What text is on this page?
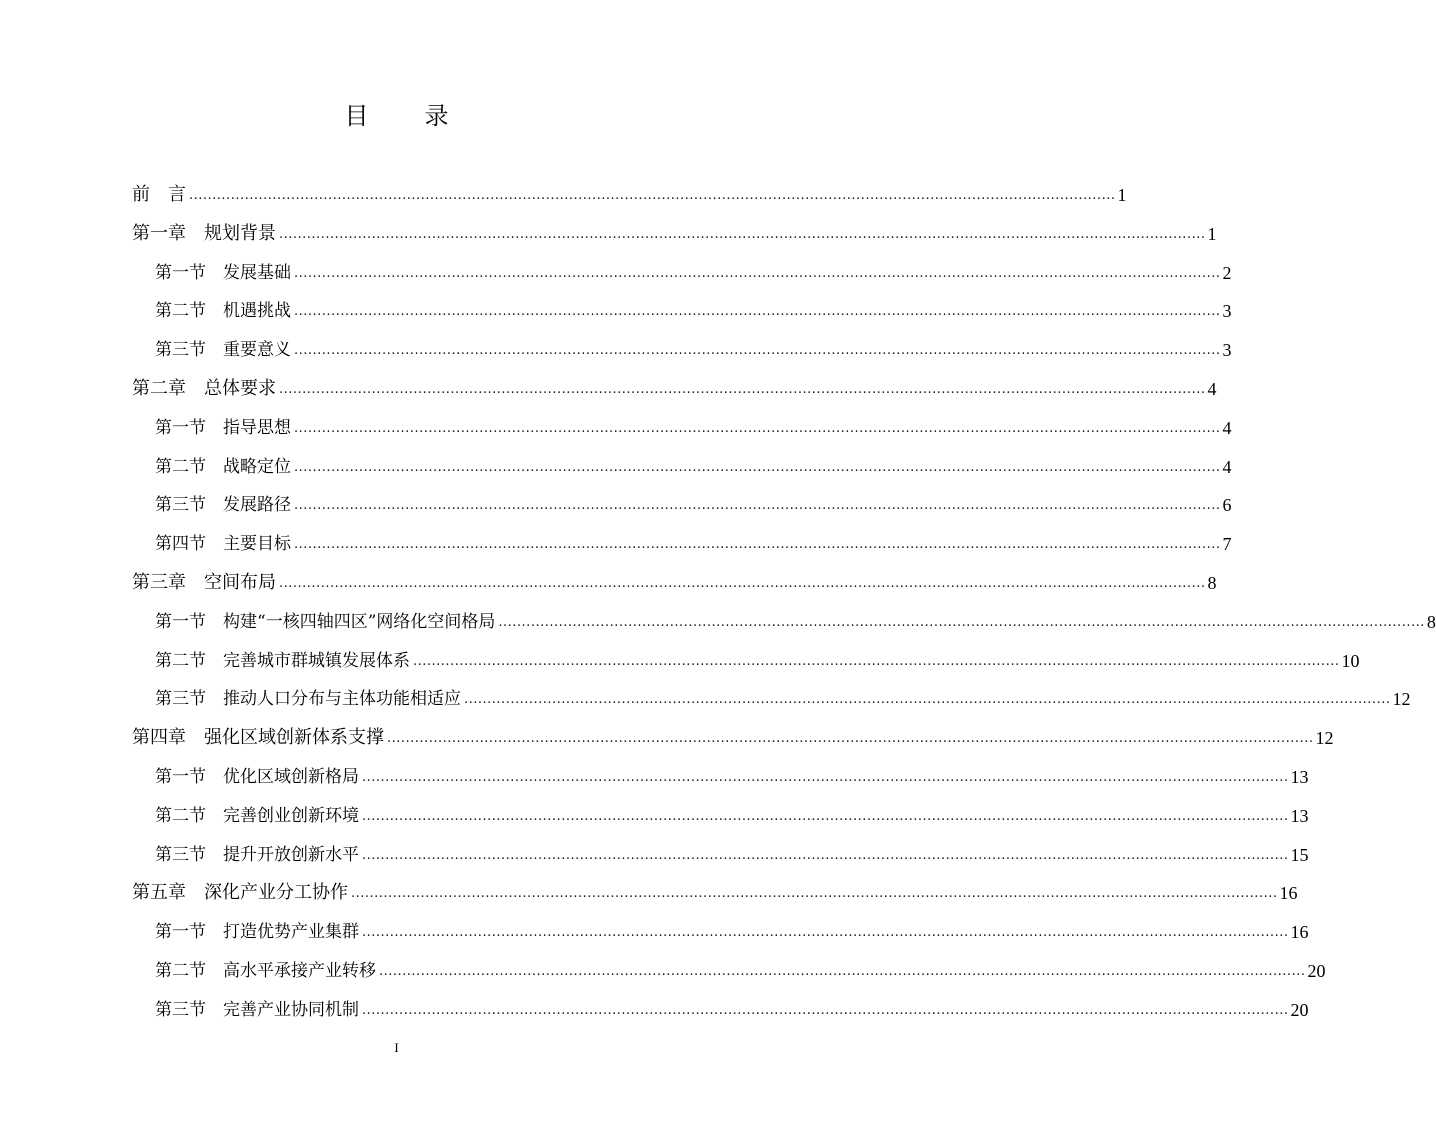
目　录
前　言 ........................................................................................................................................................................................................ 1
第一章　规划背景 ........................................................................................................................................................................................................ 1
第一节　发展基础 ........................................................................................................................................................................................................ 2
第二节　机遇挑战 ........................................................................................................................................................................................................ 3
第三节　重要意义 ........................................................................................................................................................................................................ 3
第二章　总体要求 ........................................................................................................................................................................................................ 4
第一节　指导思想 ........................................................................................................................................................................................................ 4
第二节　战略定位 ........................................................................................................................................................................................................ 4
第三节　发展路径 ........................................................................................................................................................................................................ 6
第四节　主要目标 ........................................................................................................................................................................................................ 7
第三章　空间布局 ........................................................................................................................................................................................................ 8
第一节　构建“一核四轴四区”网络化空间格局 ........................................................................................................................................................................................................ 8
第二节　完善城市群城镇发展体系 ........................................................................................................................................................................................................ 10
第三节　推动人口分布与主体功能相适应 ........................................................................................................................................................................................................ 12
第四章　强化区域创新体系支撑 ........................................................................................................................................................................................................ 12
第一节　优化区域创新格局 ........................................................................................................................................................................................................ 13
第二节　完善创业创新环境 ........................................................................................................................................................................................................ 13
第三节　提升开放创新水平 ........................................................................................................................................................................................................ 15
第五章　深化产业分工协作 ........................................................................................................................................................................................................ 16
第一节　打造优势产业集群 ........................................................................................................................................................................................................ 16
第二节　高水平承接产业转移 ........................................................................................................................................................................................................ 20
第三节　完善产业协同机制 ........................................................................................................................................................................................................ 20
I
